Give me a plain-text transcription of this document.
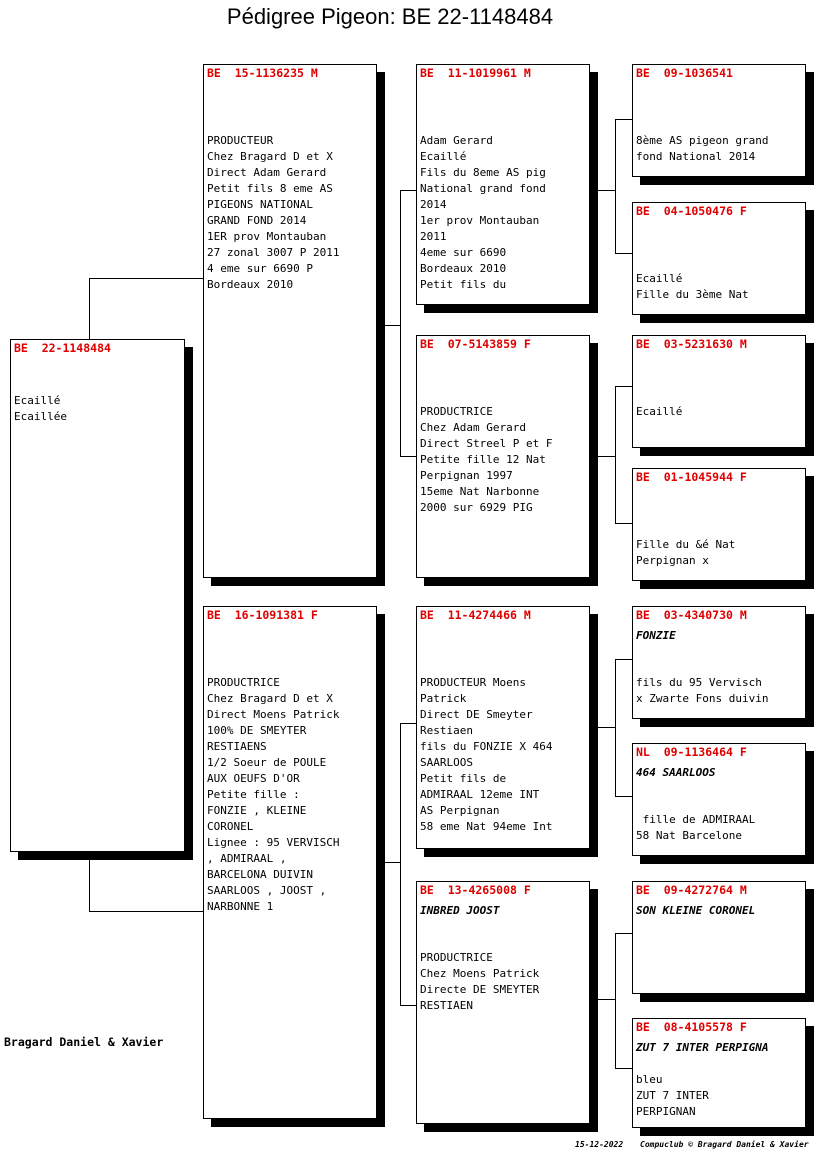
Pédigree Pigeon: BE 22-1148484
BE  22-1148484
Ecaillé
Ecaillée
BE  15-1136235 M
PRODUCTEUR
Chez Bragard D et X
Direct Adam Gerard
Petit fils 8 eme AS
PIGEONS NATIONAL
GRAND FOND 2014
1ER prov Montauban
27 zonal 3007 P 2011
4 eme sur 6690 P
Bordeaux 2010
BE  16-1091381 F
PRODUCTRICE
Chez Bragard D et X
Direct Moens Patrick
100% DE SMEYTER
RESTIAENS
1/2 Soeur de POULE
AUX OEUFS D'OR
Petite fille :
FONZIE , KLEINE
CORONEL
Lignee : 95 VERVISCH
, ADMIRAAL ,
BARCELONA DUIVIN
SAARLOOS , JOOST ,
NARBONNE 1
BE  11-1019961 M
Adam Gerard
Ecaillé
Fils du 8eme AS pig
National grand fond
2014
1er prov Montauban
2011
4eme sur 6690
Bordeaux 2010
Petit fils du
BE  07-5143859 F
PRODUCTRICE
Chez Adam Gerard
Direct Streel P et F
Petite fille 12 Nat
Perpignan 1997
15eme Nat Narbonne
2000 sur 6929 PIG
BE  11-4274466 M
PRODUCTEUR Moens
Patrick
Direct DE Smeyter
Restiaen
fils du FONZIE X 464
SAARLOOS
Petit fils de
ADMIRAAL 12eme INT
AS Perpignan
58 eme Nat 94eme Int
BE  13-4265008 F
INBRED JOOST
PRODUCTRICE
Chez Moens Patrick
Directe DE SMEYTER
RESTIAEN
BE  09-1036541
8ème AS pigeon grand
fond National 2014
BE  04-1050476 F
Ecaillé
Fille du 3ème Nat
BE  03-5231630 M
Ecaillé
BE  01-1045944 F
Fille du &é Nat
Perpignan x
BE  03-4340730 M
FONZIE
fils du 95 Vervisch
x Zwarte Fons duivin
NL  09-1136464 F
464 SAARLOOS
fille de ADMIRAAL
58 Nat Barcelone
BE  09-4272764 M
SON KLEINE CORONEL
BE  08-4105578 F
ZUT 7 INTER PERPIGNA
bleu
ZUT 7 INTER
PERPIGNAN
Bragard Daniel & Xavier
15-12-2022 Compuclub © Bragard Daniel & Xavier
